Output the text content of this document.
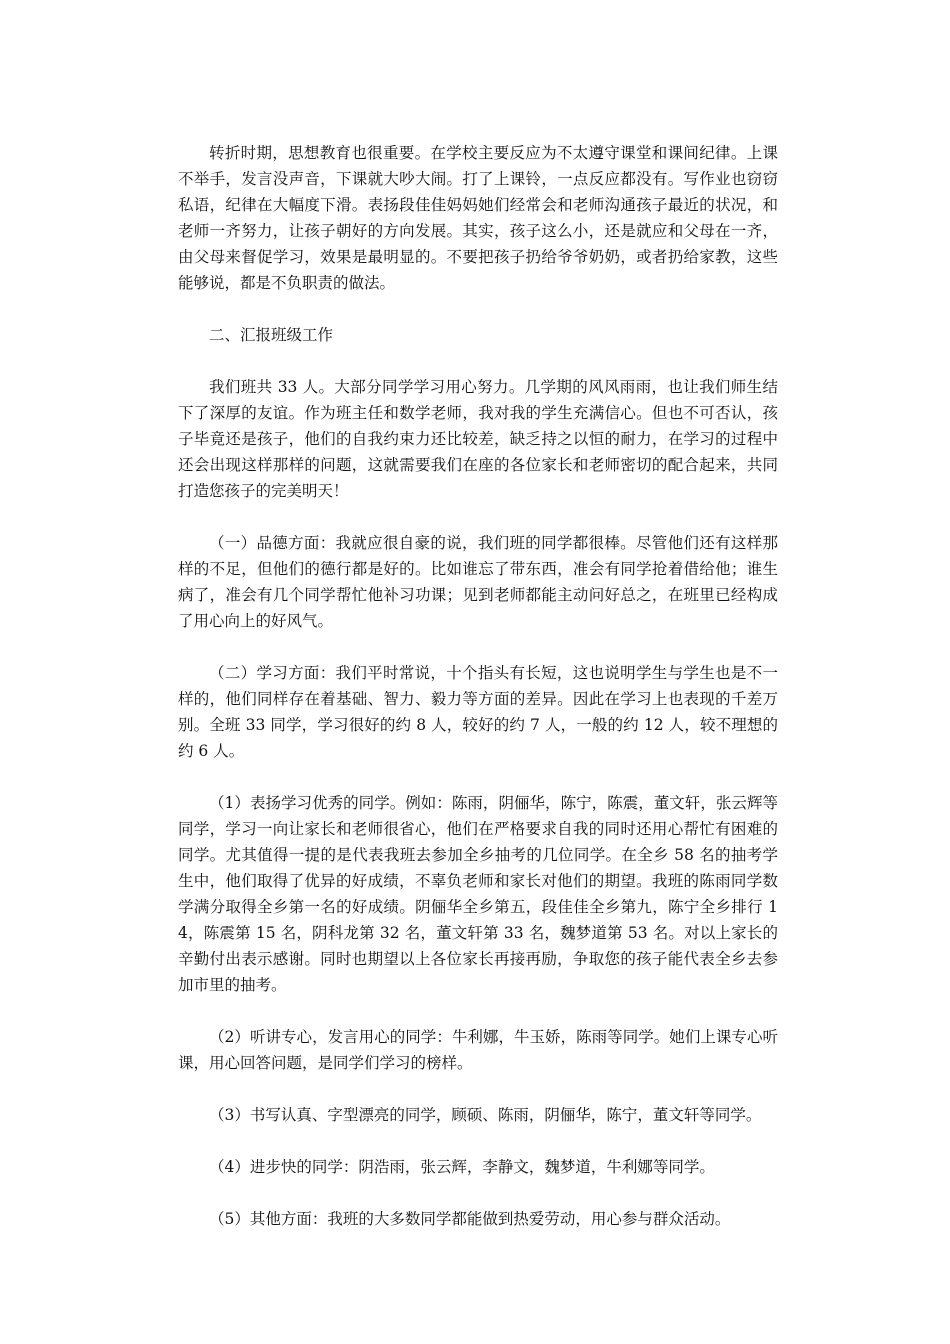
转折时期，思想教育也很重要。在学校主要反应为不太遵守课堂和课间纪律。上课不举手，发言没声音，下课就大吵大闹。打了上课铃，一点反应都没有。写作业也窃窃私语，纪律在大幅度下滑。表扬段佳佳妈妈她们经常会和老师沟通孩子最近的状况，和老师一齐努力，让孩子朝好的方向发展。其实，孩子这么小，还是就应和父母在一齐，由父母来督促学习，效果是最明显的。不要把孩子扔给爷爷奶奶，或者扔给家教，这些能够说，都是不负职责的做法。

二、汇报班级工作

我们班共 33 人。大部分同学学习用心努力。几学期的风风雨雨，也让我们师生结下了深厚的友谊。作为班主任和数学老师，我对我的学生充满信心。但也不可否认，孩子毕竟还是孩子，他们的自我约束力还比较差，缺乏持之以恒的耐力，在学习的过程中还会出现这样那样的问题，这就需要我们在座的各位家长和老师密切的配合起来，共同打造您孩子的完美明天！

（一）品德方面：我就应很自豪的说，我们班的同学都很棒。尽管他们还有这样那样的不足，但他们的德行都是好的。比如谁忘了带东西，准会有同学抢着借给他；谁生病了，准会有几个同学帮忙他补习功课；见到老师都能主动问好总之，在班里已经构成了用心向上的好风气。

（二）学习方面：我们平时常说，十个指头有长短，这也说明学生与学生也是不一样的，他们同样存在着基础、智力、毅力等方面的差异。因此在学习上也表现的千差万别。全班 33 同学，学习很好的约 8 人，较好的约 7 人，一般的约 12 人，较不理想的约 6 人。

（1）表扬学习优秀的同学。例如：陈雨，阴俪华，陈宁，陈震，董文轩，张云辉等同学，学习一向让家长和老师很省心，他们在严格要求自我的同时还用心帮忙有困难的同学。尤其值得一提的是代表我班去参加全乡抽考的几位同学。在全乡 58 名的抽考学生中，他们取得了优异的好成绩，不辜负老师和家长对他们的期望。我班的陈雨同学数学满分取得全乡第一名的好成绩。阴俪华全乡第五，段佳佳全乡第九，陈宁全乡排行 14，陈震第 15 名，阴科龙第 32 名，董文轩第 33 名，魏梦道第 53 名。对以上家长的辛勤付出表示感谢。同时也期望以上各位家长再接再励，争取您的孩子能代表全乡去参加市里的抽考。

（2）听讲专心，发言用心的同学：牛利娜，牛玉娇，陈雨等同学。她们上课专心听课，用心回答问题，是同学们学习的榜样。

（3）书写认真、字型漂亮的同学，顾硕、陈雨，阴俪华，陈宁，董文轩等同学。

（4）进步快的同学：阴浩雨，张云辉，李静文，魏梦道，牛利娜等同学。

（5）其他方面：我班的大多数同学都能做到热爱劳动，用心参与群众活动。
